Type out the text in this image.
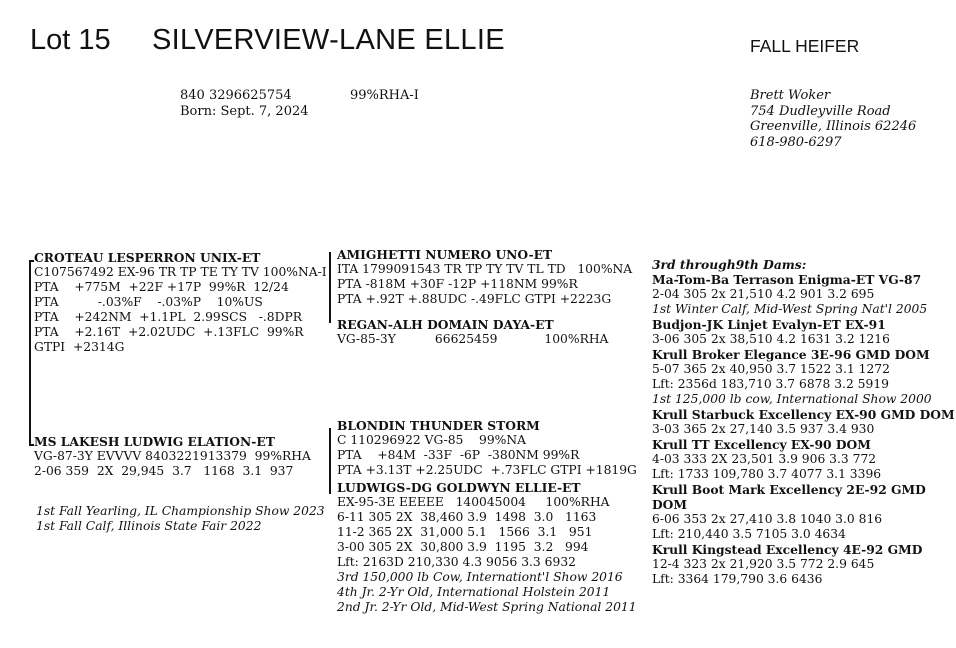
Lot 15 SILVERVIEW-LANE ELLIE	FALL HEIFER
840 3296625754	99%RHA-I
Born: Sept. 7, 2024
Brett Woker
754 Dudleyville Road
Greenville, Illinois 62246
618-980-6297
CROTEAU LESPERRON UNIX-ET
C107567492 EX-96 TR TP TE TY TV 100%NA-I
PTA    +775M  +22F +17P  99%R  12/24
PTA          -.03%F    -.03%P    10%US
PTA    +242NM  +1.1PL  2.99SCS   -.8DPR
PTA    +2.16T  +2.02UDC  +.13FLC  99%R
GTPI  +2314G
MS LAKESH LUDWIG ELATION-ET
VG-87-3Y EVVVV 8403221913379  99%RHA
2-06 359  2X  29,945  3.7   1168  3.1  937
1st Fall Yearling, IL Championship Show 2023
1st Fall Calf, Illinois State Fair 2022
AMIGHETTI NUMERO UNO-ET
ITA 1799091543 TR TP TY TV TL TD   100%NA
PTA -818M +30F -12P +118NM 99%R
PTA +.92T +.88UDC -.49FLC GTPI +2223G
REGAN-ALH DOMAIN DAYA-ET
VG-85-3Y          66625459            100%RHA
BLONDIN THUNDER STORM
C 110296922 VG-85    99%NA
PTA    +84M  -33F  -6P  -380NM 99%R
PTA +3.13T +2.25UDC  +.73FLC GTPI +1819G
LUDWIGS-DG GOLDWYN ELLIE-ET
EX-95-3E EEEEE   140045004     100%RHA
6-11 305 2X  38,460 3.9  1498  3.0   1163
11-2 365 2X  31,000 5.1   1566  3.1   951
3-00 305 2X  30,800 3.9  1195  3.2   994
Lft: 2163D 210,330 4.3 9056 3.3 6932
3rd 150,000 lb Cow, Internationt'l Show 2016
4th Jr. 2-Yr Old, International Holstein 2011
2nd Jr. 2-Yr Old, Mid-West Spring National 2011
3rd through9th Dams:
Ma-Tom-Ba Terrason Enigma-ET VG-87
2-04 305 2x 21,510 4.2 901 3.2 695
1st Winter Calf, Mid-West Spring Nat'l 2005
Budjon-JK Linjet Evalyn-ET EX-91
3-06 305 2x 38,510 4.2 1631 3.2 1216
Krull Broker Elegance 3E-96 GMD DOM
5-07 365 2x 40,950 3.7 1522 3.1 1272
Lft: 2356d 183,710 3.7 6878 3.2 5919
1st 125,000 lb cow, International Show 2000
Krull Starbuck Excellency EX-90 GMD DOM
3-03 365 2x 27,140 3.5 937 3.4 930
Krull TT Excellency EX-90 DOM
4-03 333 2X 23,501 3.9 906 3.3 772
Lft: 1733 109,780 3.7 4077 3.1 3396
Krull Boot Mark Excellency 2E-92 GMD
DOM
6-06 353 2x 27,410 3.8 1040 3.0 816
Lft: 210,440 3.5 7105 3.0 4634
Krull Kingstead Excellency 4E-92 GMD
12-4 323 2x 21,920 3.5 772 2.9 645
Lft: 3364 179,790 3.6 6436
